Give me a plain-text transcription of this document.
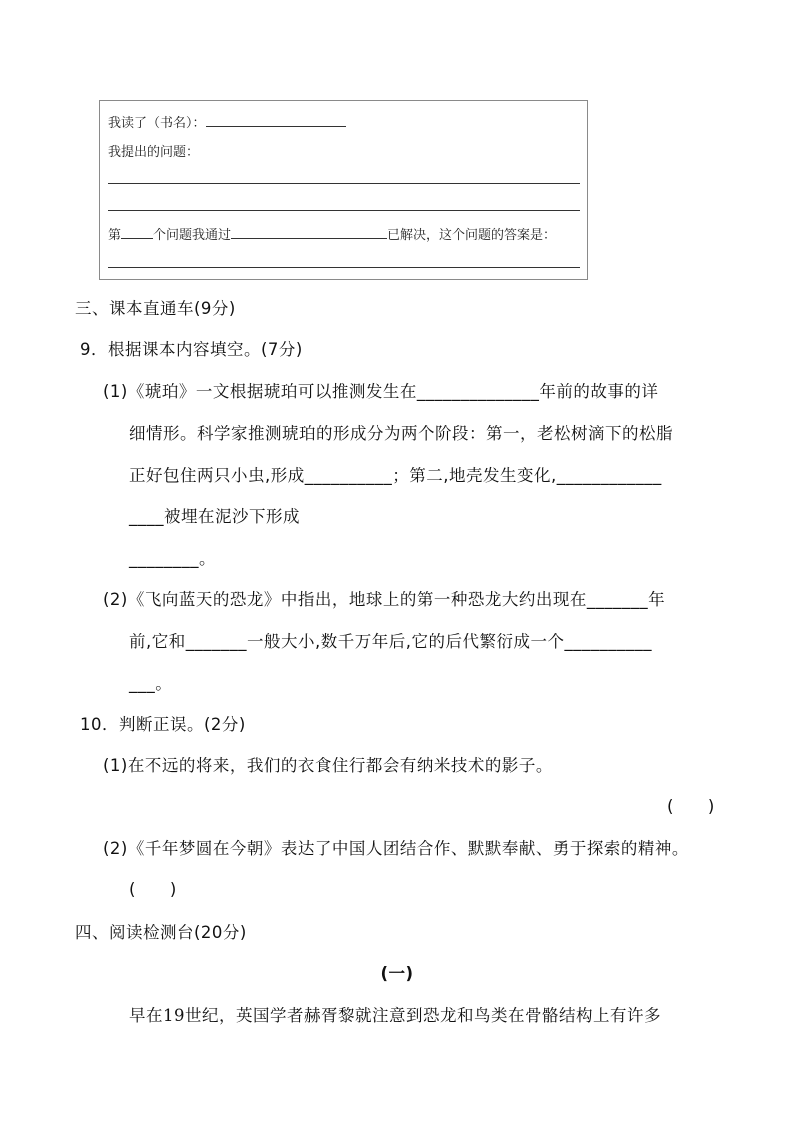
我读了（书名）：
我提出的问题：
第 个问题我通过	已解决，这个问题的答案是：
三、课本直通车(9分)
9．根据课本内容填空。(7分)
(1)《琥珀》一文根据琥珀可以推测发生在______________年前的故事的详
细情形。科学家推测琥珀的形成分为两个阶段：第一，老松树滴下的松脂
正好包住两只小虫,形成__________；第二,地壳发生变化,____________
____被埋在泥沙下形成
________。
(2)《飞向蓝天的恐龙》中指出，地球上的第一种恐龙大约出现在_______年
前,它和_______一般大小,数千万年后,它的后代繁衍成一个__________
___。
10．判断正误。(2分)
(1)在不远的将来，我们的衣食住行都会有纳米技术的影子。
(　　)
(2)《千年梦圆在今朝》表达了中国人团结合作、默默奉献、勇于探索的精神。
(　　)
四、阅读检测台(20分)
(一)
早在19世纪，英国学者赫胥黎就注意到恐龙和鸟类在骨骼结构上有许多
